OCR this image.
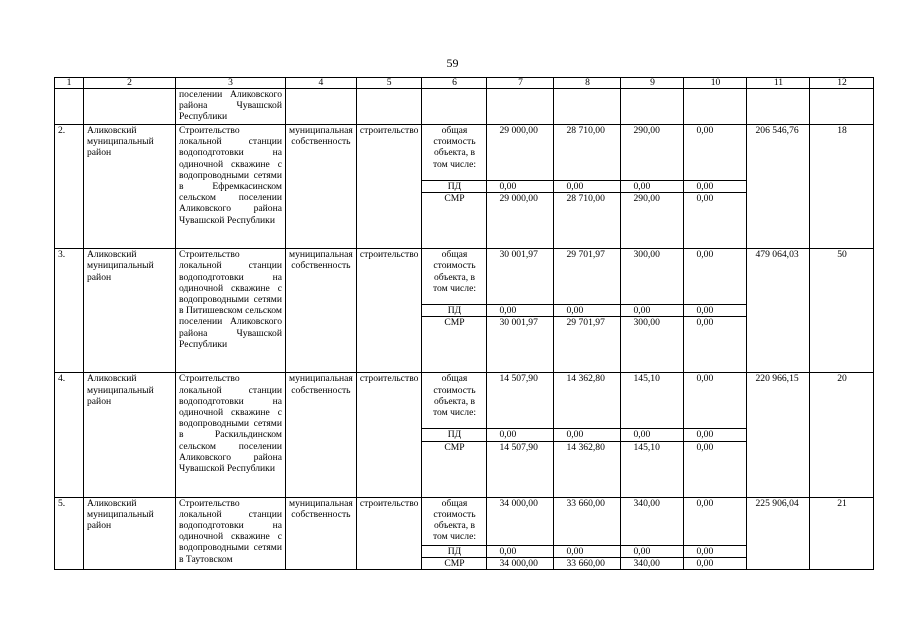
59
1	2	3	4	5	6	7	8	9	10	11	12
		поселении Аликовского района Чувашской Республики									
2.	Аликовский муниципальный район	Строительство локальной станции водоподготовки на одиночной скважине с водопроводными сетями в Ефремкасинском сельском поселении Аликовского района Чувашской Республики	муниципальная собственность	строительство	общая стоимость объекта, в том числе:	29 000,00	28 710,00	290,00	0,00	206 546,76	18
					ПД	0,00	0,00	0,00	0,00		
					СМР	29 000,00	28 710,00	290,00	0,00		
3.	Аликовский муниципальный район	Строительство локальной станции водоподготовки на одиночной скважине с водопроводными сетями в Питишевском сельском поселении Аликовского района Чувашской Республики	муниципальная собственность	строительство	общая стоимость объекта, в том числе:	30 001,97	29 701,97	300,00	0,00	479 064,03	50
					ПД	0,00	0,00	0,00	0,00		
					СМР	30 001,97	29 701,97	300,00	0,00		
4.	Аликовский муниципальный район	Строительство локальной станции водоподготовки на одиночной скважине с водопроводными сетями в Раскильдинском сельском поселении Аликовского района Чувашской Республики	муниципальная собственность	строительство	общая стоимость объекта, в том числе:	14 507,90	14 362,80	145,10	0,00	220 966,15	20
					ПД	0,00	0,00	0,00	0,00		
					СМР	14 507,90	14 362,80	145,10	0,00		
5.	Аликовский муниципальный район	Строительство локальной станции водоподготовки на одиночной скважине с водопроводными сетями в Таутовском	муниципальная собственность	строительство	общая стоимость объекта, в том числе:	34 000,00	33 660,00	340,00	0,00	225 906,04	21
					ПД	0,00	0,00	0,00	0,00		
					СМР	34 000,00	33 660,00	340,00	0,00		
